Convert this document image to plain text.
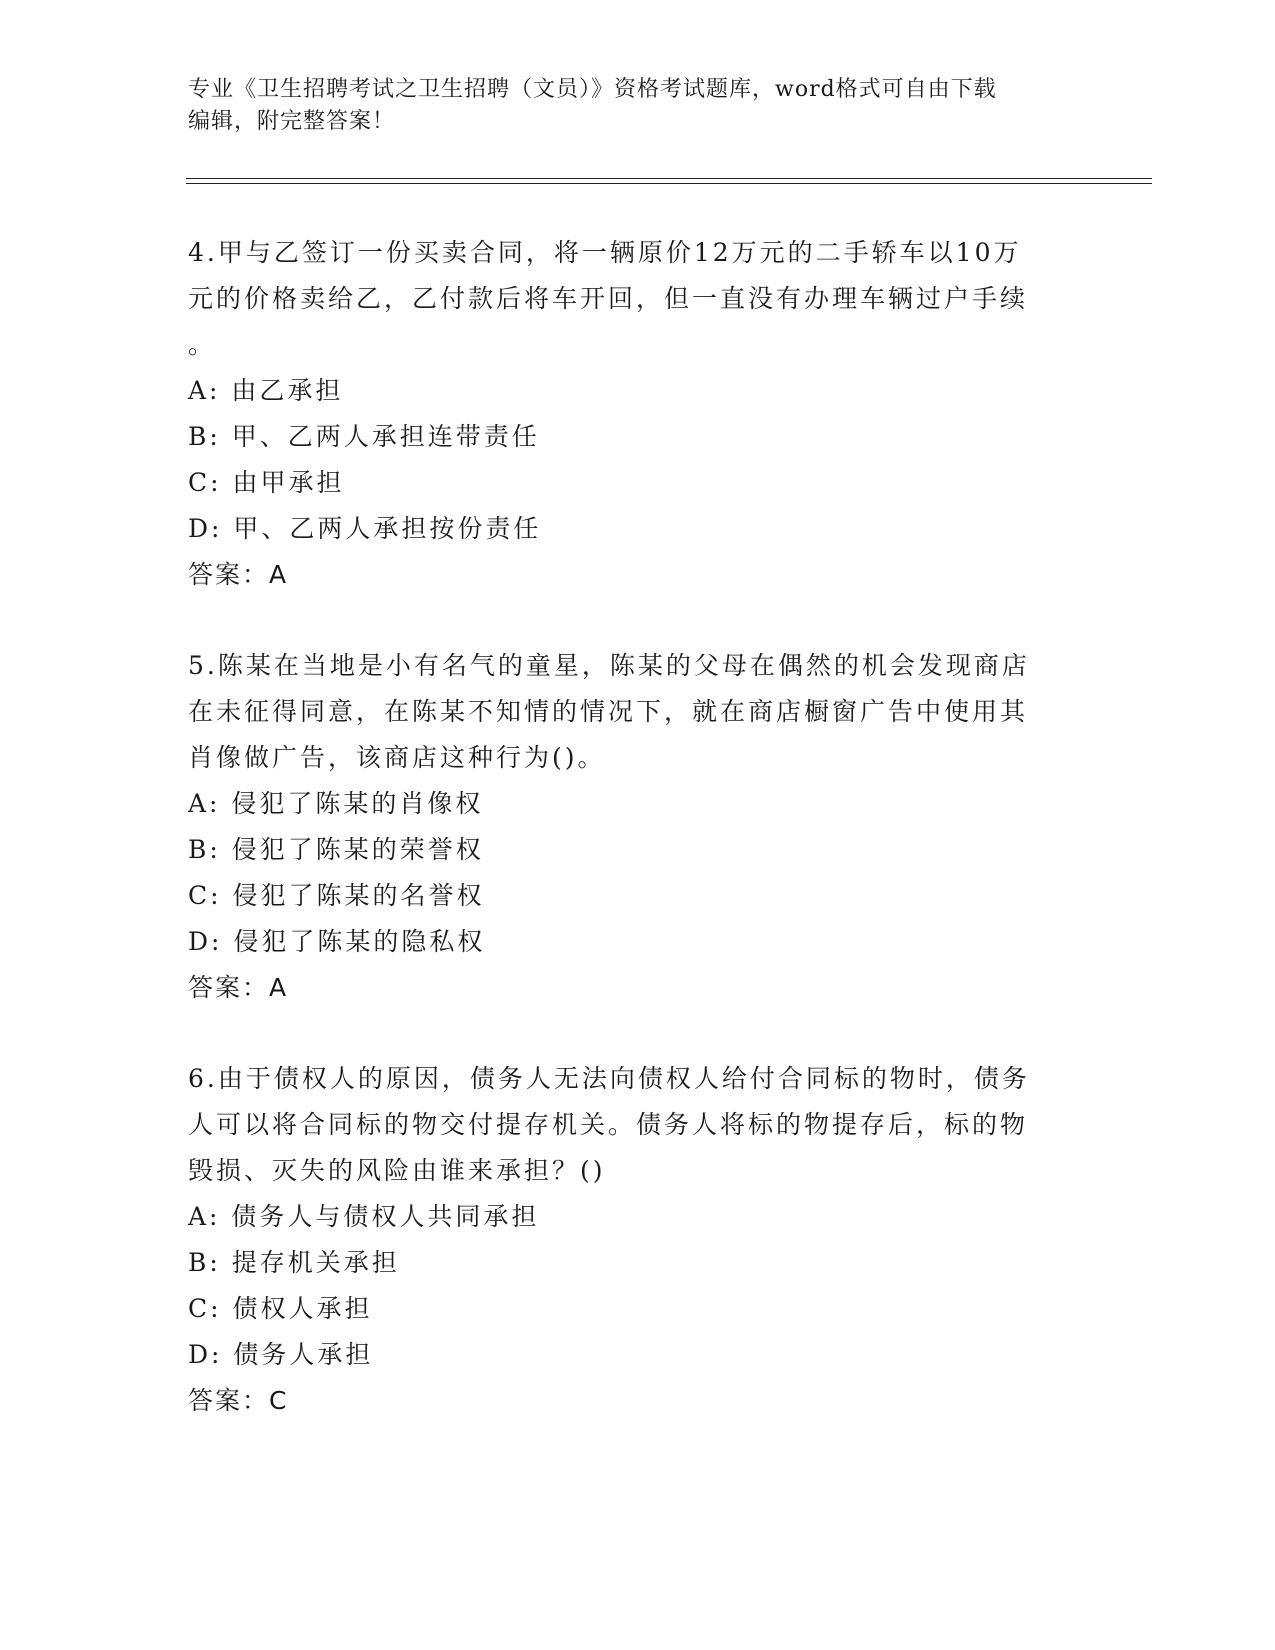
专业《卫生招聘考试之卫生招聘（文员）》资格考试题库，word格式可自由下载
编辑，附完整答案！
4.甲与乙签订一份买卖合同，将一辆原价12万元的二手轿车以10万
元的价格卖给乙，乙付款后将车开回，但一直没有办理车辆过户手续
。
A: 由乙承担
B: 甲、乙两人承担连带责任
C: 由甲承担
D: 甲、乙两人承担按份责任
答案：A
5.陈某在当地是小有名气的童星，陈某的父母在偶然的机会发现商店
在未征得同意，在陈某不知情的情况下，就在商店橱窗广告中使用其
肖像做广告，该商店这种行为()。
A: 侵犯了陈某的肖像权
B: 侵犯了陈某的荣誉权
C: 侵犯了陈某的名誉权
D: 侵犯了陈某的隐私权
答案：A
6.由于债权人的原因，债务人无法向债权人给付合同标的物时，债务
人可以将合同标的物交付提存机关。债务人将标的物提存后，标的物
毁损、灭失的风险由谁来承担？()
A: 债务人与债权人共同承担
B: 提存机关承担
C: 债权人承担
D: 债务人承担
答案：C
